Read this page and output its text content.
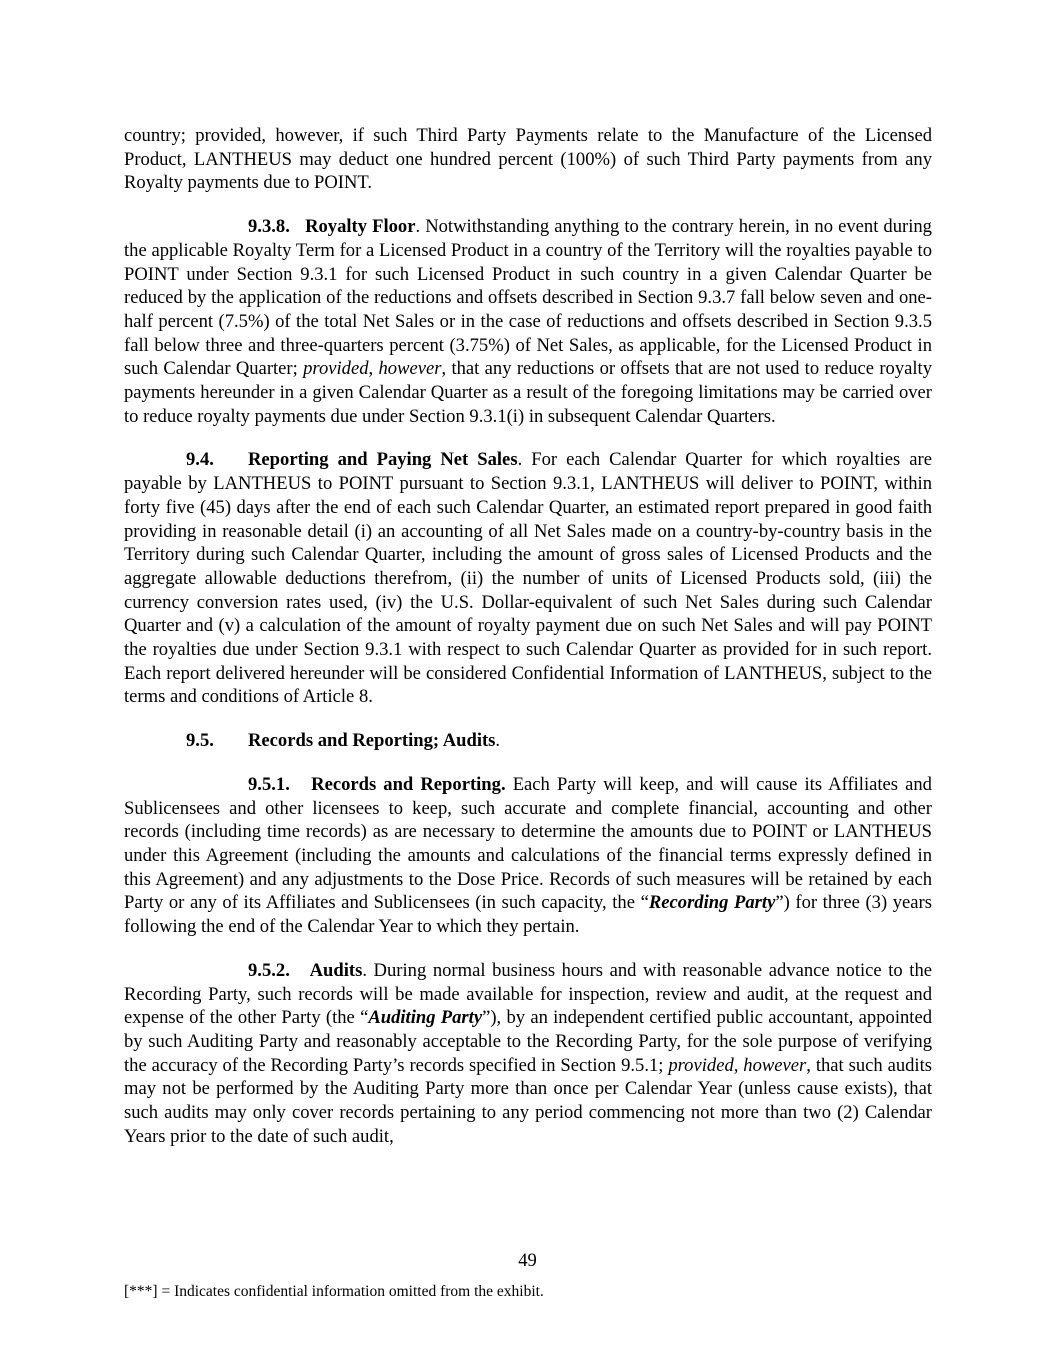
country; provided, however, if such Third Party Payments relate to the Manufacture of the Licensed Product, LANTHEUS may deduct one hundred percent (100%) of such Third Party payments from any Royalty payments due to POINT.

9.3.8. Royalty Floor. Notwithstanding anything to the contrary herein, in no event during the applicable Royalty Term for a Licensed Product in a country of the Territory will the royalties payable to POINT under Section 9.3.1 for such Licensed Product in such country in a given Calendar Quarter be reduced by the application of the reductions and offsets described in Section 9.3.7 fall below seven and one-half percent (7.5%) of the total Net Sales or in the case of reductions and offsets described in Section 9.3.5 fall below three and three-quarters percent (3.75%) of Net Sales, as applicable, for the Licensed Product in such Calendar Quarter; provided, however, that any reductions or offsets that are not used to reduce royalty payments hereunder in a given Calendar Quarter as a result of the foregoing limitations may be carried over to reduce royalty payments due under Section 9.3.1(i) in subsequent Calendar Quarters.

9.4. Reporting and Paying Net Sales. For each Calendar Quarter for which royalties are payable by LANTHEUS to POINT pursuant to Section 9.3.1, LANTHEUS will deliver to POINT, within forty five (45) days after the end of each such Calendar Quarter, an estimated report prepared in good faith providing in reasonable detail (i) an accounting of all Net Sales made on a country-by-country basis in the Territory during such Calendar Quarter, including the amount of gross sales of Licensed Products and the aggregate allowable deductions therefrom, (ii) the number of units of Licensed Products sold, (iii) the currency conversion rates used, (iv) the U.S. Dollar-equivalent of such Net Sales during such Calendar Quarter and (v) a calculation of the amount of royalty payment due on such Net Sales and will pay POINT the royalties due under Section 9.3.1 with respect to such Calendar Quarter as provided for in such report. Each report delivered hereunder will be considered Confidential Information of LANTHEUS, subject to the terms and conditions of Article 8.

9.5. Records and Reporting; Audits.

9.5.1. Records and Reporting. Each Party will keep, and will cause its Affiliates and Sublicensees and other licensees to keep, such accurate and complete financial, accounting and other records (including time records) as are necessary to determine the amounts due to POINT or LANTHEUS under this Agreement (including the amounts and calculations of the financial terms expressly defined in this Agreement) and any adjustments to the Dose Price. Records of such measures will be retained by each Party or any of its Affiliates and Sublicensees (in such capacity, the “Recording Party”) for three (3) years following the end of the Calendar Year to which they pertain.

9.5.2. Audits. During normal business hours and with reasonable advance notice to the Recording Party, such records will be made available for inspection, review and audit, at the request and expense of the other Party (the “Auditing Party”), by an independent certified public accountant, appointed by such Auditing Party and reasonably acceptable to the Recording Party, for the sole purpose of verifying the accuracy of the Recording Party’s records specified in Section 9.5.1; provided, however, that such audits may not be performed by the Auditing Party more than once per Calendar Year (unless cause exists), that such audits may only cover records pertaining to any period commencing not more than two (2) Calendar Years prior to the date of such audit,

49
[***] = Indicates confidential information omitted from the exhibit.
